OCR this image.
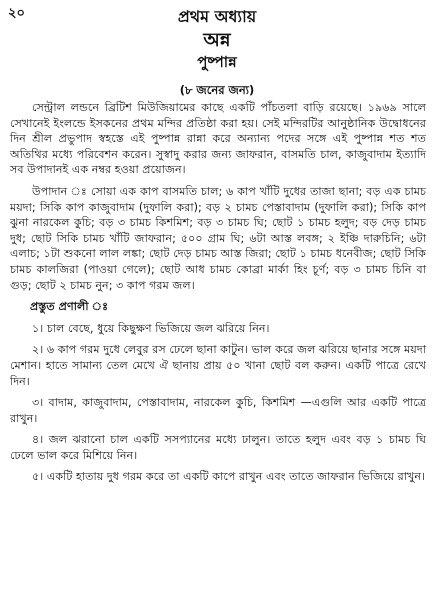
২০	প্রথম অধ্যায়
অন্ন
পুষ্পান্ন
(৮ জনের জন্য)

সেন্ট্রাল লন্ডনে ব্রিটিশ মিউজিয়ামের কাছে একটি পাঁচতলা বাড়ি রয়েছে। ১৯৬৯ সালে সেখানেই ইংলন্ডে ইসকনের প্রথম মন্দির প্রতিষ্ঠা করা হয়। সেই মন্দিরটির আনুষ্ঠানিক উদ্বোধনের দিন শ্রীল প্রভুপাদ স্বহস্তে এই পুষ্পান্ন রান্না করে অন্যান্য পদের সঙ্গে এই পুষ্পান্ন শত শত অতিথির মধ্যে পরিবেশন করেন। সুস্বাদু করার জন্য জাফরান, বাসমতি চাল, কাজুবাদাম ইত্যাদি সব উপাদানই এক নম্বর হওয়া প্রয়োজন।

উপাদান ঃ সোয়া এক কাপ বাসমতি চাল; ৬ কাপ খাঁটি দুধের তাজা ছানা; বড় এক চামচ ময়দা; সিকি কাপ কাজুবাদাম (দুফালি করা); বড় ২ চামচ পেস্তাবাদাম (দুফালি করা); সিকি কাপ ঝুনা নারকেল কুচি; বড় ৩ চামচ কিশমিশ; বড় ৩ চামচ ঘি; ছোট ১ চামচ হলুদ; বড় দেড় চামচ দুধ; ছোট সিকি চামচ খাঁটি জাফরান; ৫০০ গ্রাম ঘি; ৬টা আস্ত লবঙ্গ; ২ ইঞ্চি দারুচিনি; ৬টা এলাচ; ১টা শুকনো লাল লঙ্কা; ছোট দেড় চামচ আস্ত জিরা; ছোট ১ চামচ ধনেবীজ; ছোট সিকি চামচ কালজিরা (পাওয়া গেলে); ছোট আধ চামচ কোব্রা মার্কা হিং চূর্ণ; বড় ৩ চামচ চিনি বা গুড়; ছোট ২ চামচ নুন; ৩ কাপ গরম জল।

প্রস্তুত প্রণালী ঃ

১। চাল বেছে, ধুয়ে কিছুক্ষণ ভিজিয়ে জল ঝরিয়ে নিন।

২। ৬ কাপ গরম দুধে লেবুর রস ঢেলে ছানা কাটুন। ভাল করে জল ঝরিয়ে ছানার সঙ্গে ময়দা মেশান। হাতে সামান্য তেল মেখে ঐ ছানায় প্রায় ৫০ খানা ছোট বল করুন। একটি পাত্রে রেখে দিন।

৩। বাদাম, কাজুবাদাম, পেস্তাবাদাম, নারকেল কুচি, কিশমিশ —এগুলি আর একটি পাত্রে রাখুন।

৪। জল ঝরানো চাল একটি সসপ্যানের মধ্যে ঢালুন। তাতে হলুদ এবং বড় ১ চামচ ঘি ঢেলে ভাল করে মিশিয়ে নিন।

৫। একটি হাতায় দুধ গরম করে তা একটি কাপে রাখুন এবং তাতে জাফরান ভিজিয়ে রাখুন।
